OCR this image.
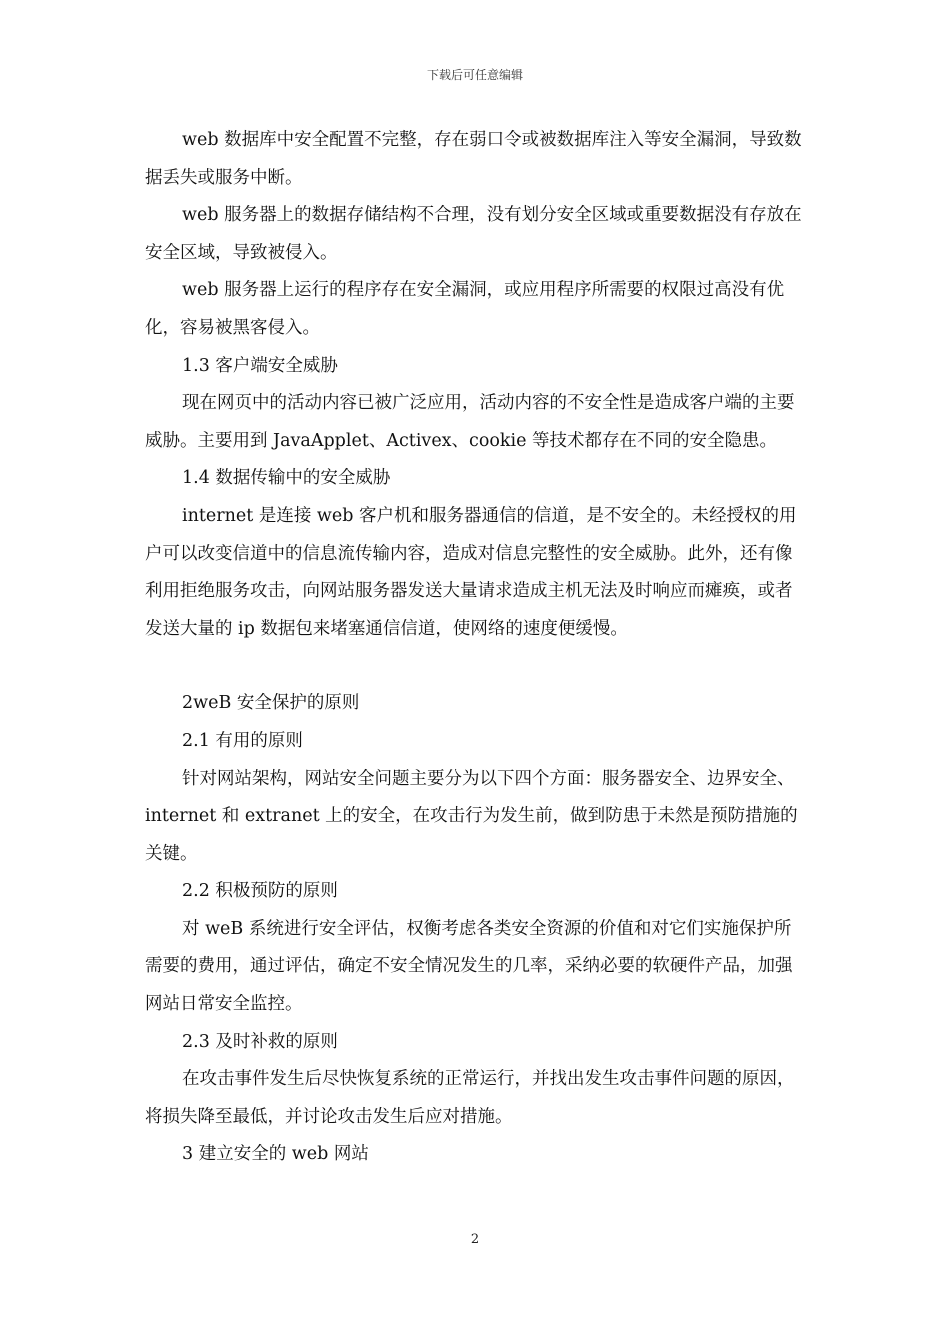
下载后可任意编辑

web 数据库中安全配置不完整，存在弱口令或被数据库注入等安全漏洞，导致数据丢失或服务中断。

web 服务器上的数据存储结构不合理，没有划分安全区域或重要数据没有存放在安全区域，导致被侵入。

web 服务器上运行的程序存在安全漏洞，或应用程序所需要的权限过高没有优化，容易被黑客侵入。

1.3 客户端安全威胁

现在网页中的活动内容已被广泛应用，活动内容的不安全性是造成客户端的主要威胁。主要用到 JavaApplet、Activex、cookie 等技术都存在不同的安全隐患。

1.4 数据传输中的安全威胁

internet 是连接 web 客户机和服务器通信的信道，是不安全的。未经授权的用户可以改变信道中的信息流传输内容，造成对信息完整性的安全威胁。此外，还有像利用拒绝服务攻击，向网站服务器发送大量请求造成主机无法及时响应而瘫痪，或者发送大量的 ip 数据包来堵塞通信信道，使网络的速度便缓慢。

2weB 安全保护的原则

2.1 有用的原则

针对网站架构，网站安全问题主要分为以下四个方面：服务器安全、边界安全、internet 和 extranet 上的安全，在攻击行为发生前，做到防患于未然是预防措施的关键。

2.2 积极预防的原则

对 weB 系统进行安全评估，权衡考虑各类安全资源的价值和对它们实施保护所需要的费用，通过评估，确定不安全情况发生的几率，采纳必要的软硬件产品，加强网站日常安全监控。

2.3 及时补救的原则

在攻击事件发生后尽快恢复系统的正常运行，并找出发生攻击事件问题的原因，将损失降至最低，并讨论攻击发生后应对措施。

3 建立安全的 web 网站

2
